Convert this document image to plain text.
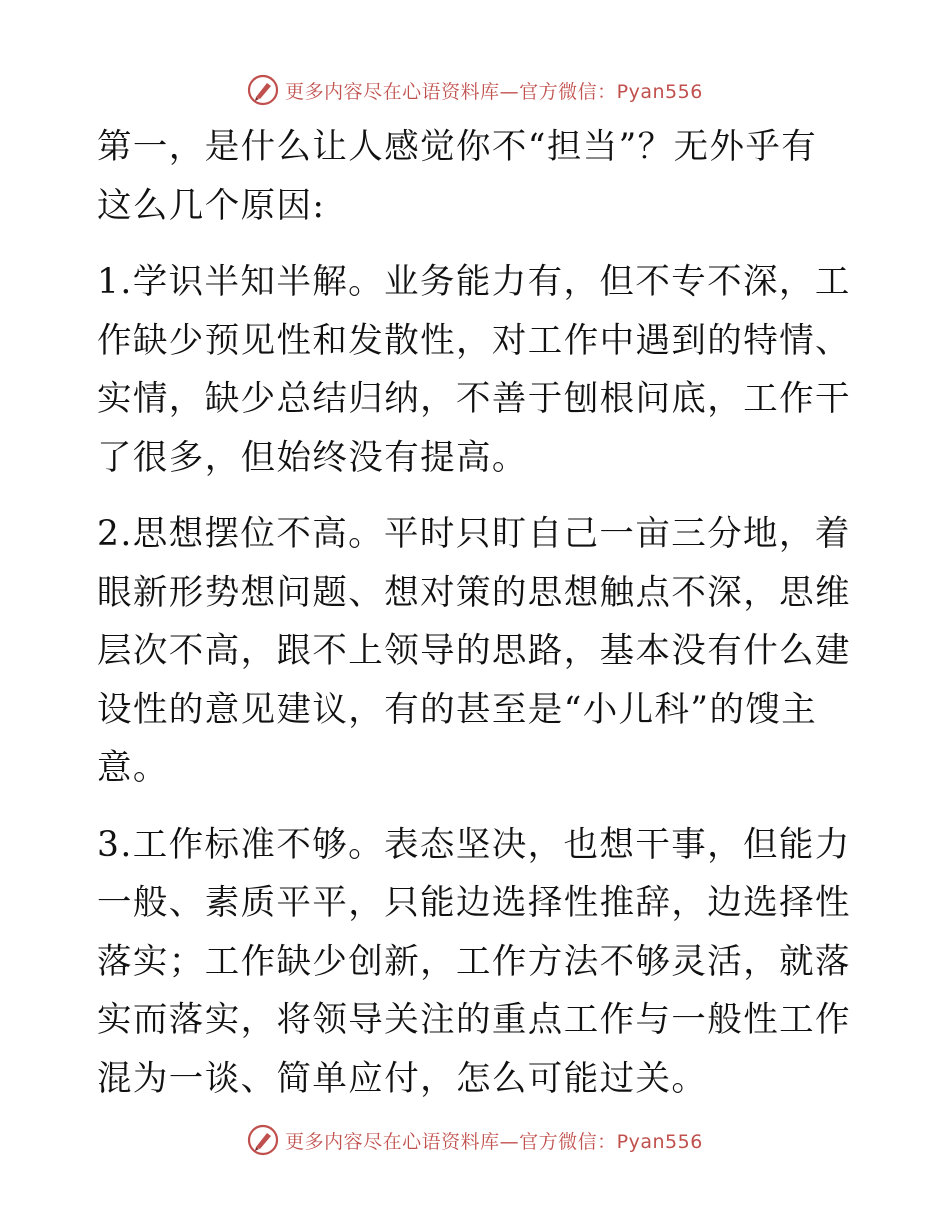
更多内容尽在心语资料库—官方微信：Pyan556

第一，是什么让人感觉你不“担当”？无外乎有这么几个原因:

1.学识半知半解。业务能力有，但不专不深，工作缺少预见性和发散性，对工作中遇到的特情、实情，缺少总结归纳，不善于刨根问底，工作干了很多，但始终没有提高。

2.思想摆位不高。平时只盯自己一亩三分地，着眼新形势想问题、想对策的思想触点不深，思维层次不高，跟不上领导的思路，基本没有什么建设性的意见建议，有的甚至是“小儿科”的馊主意。

3.工作标准不够。表态坚决，也想干事，但能力一般、素质平平，只能边选择性推辞，边选择性落实；工作缺少创新，工作方法不够灵活，就落实而落实，将领导关注的重点工作与一般性工作混为一谈、简单应付，怎么可能过关。

更多内容尽在心语资料库—官方微信：Pyan556
